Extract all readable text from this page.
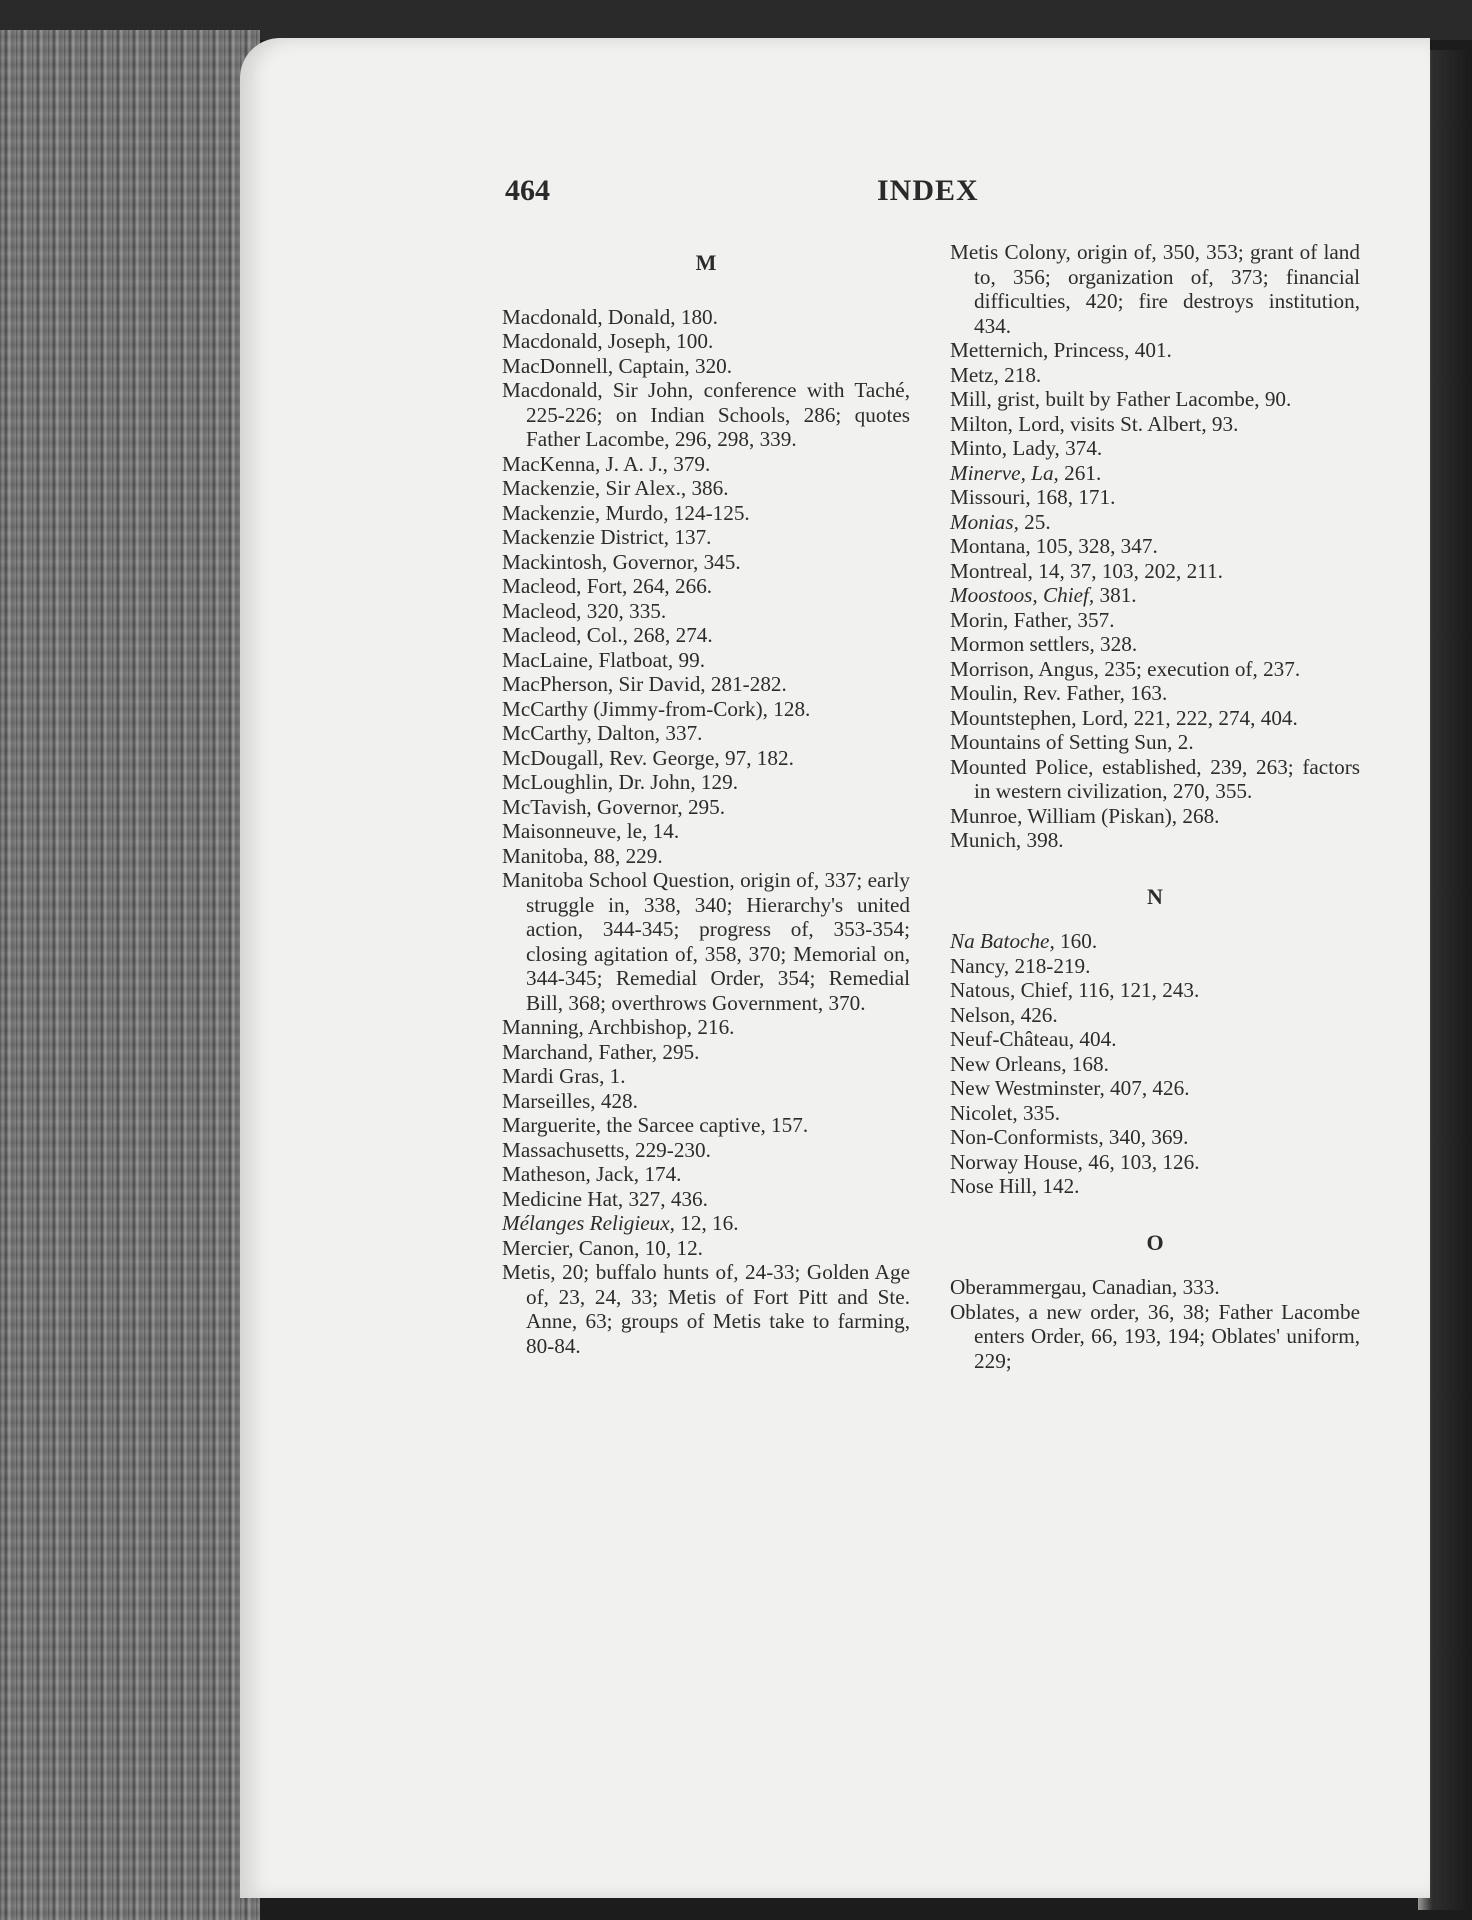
464	INDEX
M
Macdonald, Donald, 180.
Macdonald, Joseph, 100.
MacDonnell, Captain, 320.
Macdonald, Sir John, conference with Taché, 225-226; on Indian Schools, 286; quotes Father Lacombe, 296, 298, 339.
MacKenna, J. A. J., 379.
Mackenzie, Sir Alex., 386.
Mackenzie, Murdo, 124-125.
Mackenzie District, 137.
Mackintosh, Governor, 345.
Macleod, Fort, 264, 266.
Macleod, 320, 335.
Macleod, Col., 268, 274.
MacLaine, Flatboat, 99.
MacPherson, Sir David, 281-282.
McCarthy (Jimmy-from-Cork), 128.
McCarthy, Dalton, 337.
McDougall, Rev. George, 97, 182.
McLoughlin, Dr. John, 129.
McTavish, Governor, 295.
Maisonneuve, le, 14.
Manitoba, 88, 229.
Manitoba School Question, origin of, 337; early struggle in, 338, 340; Hierarchy's united action, 344-345; progress of, 353-354; closing agitation of, 358, 370; Memorial on, 344-345; Remedial Order, 354; Remedial Bill, 368; overthrows Government, 370.
Manning, Archbishop, 216.
Marchand, Father, 295.
Mardi Gras, 1.
Marseilles, 428.
Marguerite, the Sarcee captive, 157.
Massachusetts, 229-230.
Matheson, Jack, 174.
Medicine Hat, 327, 436.
Mélanges Religieux, 12, 16.
Mercier, Canon, 10, 12.
Metis, 20; buffalo hunts of, 24-33; Golden Age of, 23, 24, 33; Metis of Fort Pitt and Ste. Anne, 63; groups of Metis take to farming, 80-84.
Metis Colony, origin of, 350, 353; grant of land to, 356; organization of, 373; financial difficulties, 420; fire destroys institution, 434.
Metternich, Princess, 401.
Metz, 218.
Mill, grist, built by Father Lacombe, 90.
Milton, Lord, visits St. Albert, 93.
Minto, Lady, 374.
Minerve, La, 261.
Missouri, 168, 171.
Monias, 25.
Montana, 105, 328, 347.
Montreal, 14, 37, 103, 202, 211.
Moostoos, Chief, 381.
Morin, Father, 357.
Mormon settlers, 328.
Morrison, Angus, 235; execution of, 237.
Moulin, Rev. Father, 163.
Mountstephen, Lord, 221, 222, 274, 404.
Mountains of Setting Sun, 2.
Mounted Police, established, 239, 263; factors in western civilization, 270, 355.
Munroe, William (Piskan), 268.
Munich, 398.
N
Na Batoche, 160.
Nancy, 218-219.
Natous, Chief, 116, 121, 243.
Nelson, 426.
Neuf-Château, 404.
New Orleans, 168.
New Westminster, 407, 426.
Nicolet, 335.
Non-Conformists, 340, 369.
Norway House, 46, 103, 126.
Nose Hill, 142.
O
Oberammergau, Canadian, 333.
Oblates, a new order, 36, 38; Father Lacombe enters Order, 66, 193, 194; Oblates' uniform, 229;
